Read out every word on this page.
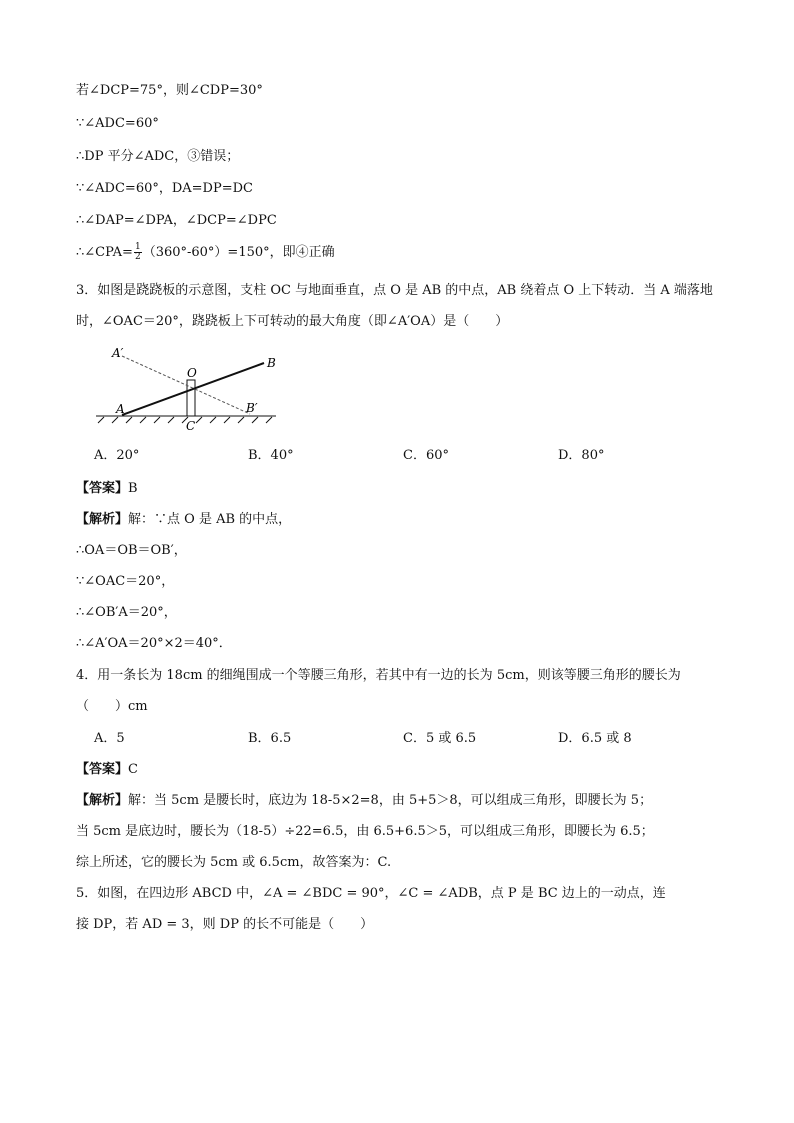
若∠DCP=75°，则∠CDP=30°
∵∠ADC=60°
∴DP 平分∠ADC，③错误；
∵∠ADC=60°，DA=DP=DC
∴∠DAP=∠DPA，∠DCP=∠DPC
∴∠CPA= $\frac{1}{2} (360^\circ-60^\circ)=150^\circ$，即④正确
3．如图是跷跷板的示意图，支柱 OC 与地面垂直，点 O 是 AB 的中点，AB 绕着点 O 上下转动．当 A 端落地
时，∠OAC＝20°，跷跷板上下可转动的最大角度（即∠A′OA）是（　　）
A′
O
B
A
C
B′
A．20°	B．40°	C．60°	D．80°
【答案】B
【解析】解：∵点 O 是 AB 的中点，
∴OA＝OB＝OB′，
∵∠OAC＝20°，
∴∠OB′A＝20°，
∴∠A′OA＝20°×2＝40°．
4．用一条长为 18cm 的细绳围成一个等腰三角形，若其中有一边的长为 5cm，则该等腰三角形的腰长为
（　　）cm
A．5	B．6.5	C．5 或 6.5	D．6.5 或 8
【答案】C
【解析】解：当 5cm 是腰长时，底边为 18-5×2=8，由 5+5＞8，可以组成三角形，即腰长为 5；
当 5cm 是底边时，腰长为（18-5）÷22=6.5，由 6.5+6.5＞5，可以组成三角形，即腰长为 6.5；
综上所述，它的腰长为 5cm 或 6.5cm，故答案为：C.
5．如图，在四边形 ABCD 中，∠A = ∠BDC = 90°，∠C = ∠ADB，点 P 是 BC 边上的一动点，连
接 DP，若 AD = 3，则 DP 的长不可能是（　　）
